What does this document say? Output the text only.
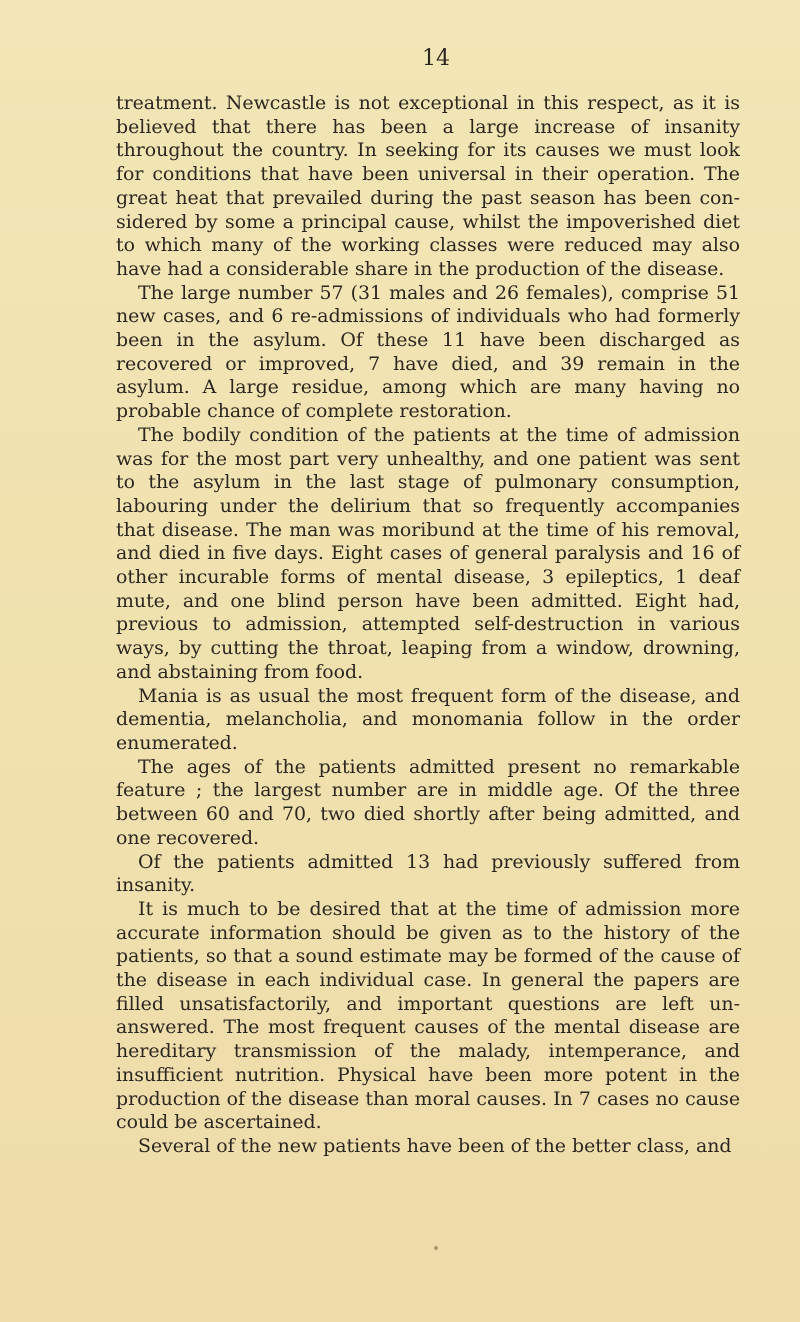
14

treatment. Newcastle is not exceptional in this respect, as it is believed that there has been a large increase of insanity throughout the country. In seeking for its causes we must look for conditions that have been universal in their operation. The great heat that prevailed during the past season has been considered by some a principal cause, whilst the impoverished diet to which many of the working classes were reduced may also have had a considerable share in the production of the disease.

The large number 57 (31 males and 26 females), comprise 51 new cases, and 6 re-admissions of individuals who had formerly been in the asylum. Of these 11 have been discharged as recovered or improved, 7 have died, and 39 remain in the asylum. A large residue, among which are many having no probable chance of complete restoration.

The bodily condition of the patients at the time of admission was for the most part very unhealthy, and one patient was sent to the asylum in the last stage of pulmonary consumption, labouring under the delirium that so frequently accompanies that disease. The man was moribund at the time of his removal, and died in five days. Eight cases of general paralysis and 16 of other incurable forms of mental disease, 3 epileptics, 1 deaf mute, and one blind person have been admitted. Eight had, previous to admission, attempted self-destruction in various ways, by cutting the throat, leaping from a window, drowning, and abstaining from food.

Mania is as usual the most frequent form of the disease, and dementia, melancholia, and monomania follow in the order enumerated.

The ages of the patients admitted present no remarkable feature ; the largest number are in middle age. Of the three between 60 and 70, two died shortly after being admitted, and one recovered.

Of the patients admitted 13 had previously suffered from insanity.

It is much to be desired that at the time of admission more accurate information should be given as to the history of the patients, so that a sound estimate may be formed of the cause of the disease in each individual case. In general the papers are filled unsatisfactorily, and important questions are left unanswered. The most frequent causes of the mental disease are hereditary transmission of the malady, intemperance, and insufficient nutrition. Physical have been more potent in the production of the disease than moral causes. In 7 cases no cause could be ascertained.

Several of the new patients have been of the better class, and
